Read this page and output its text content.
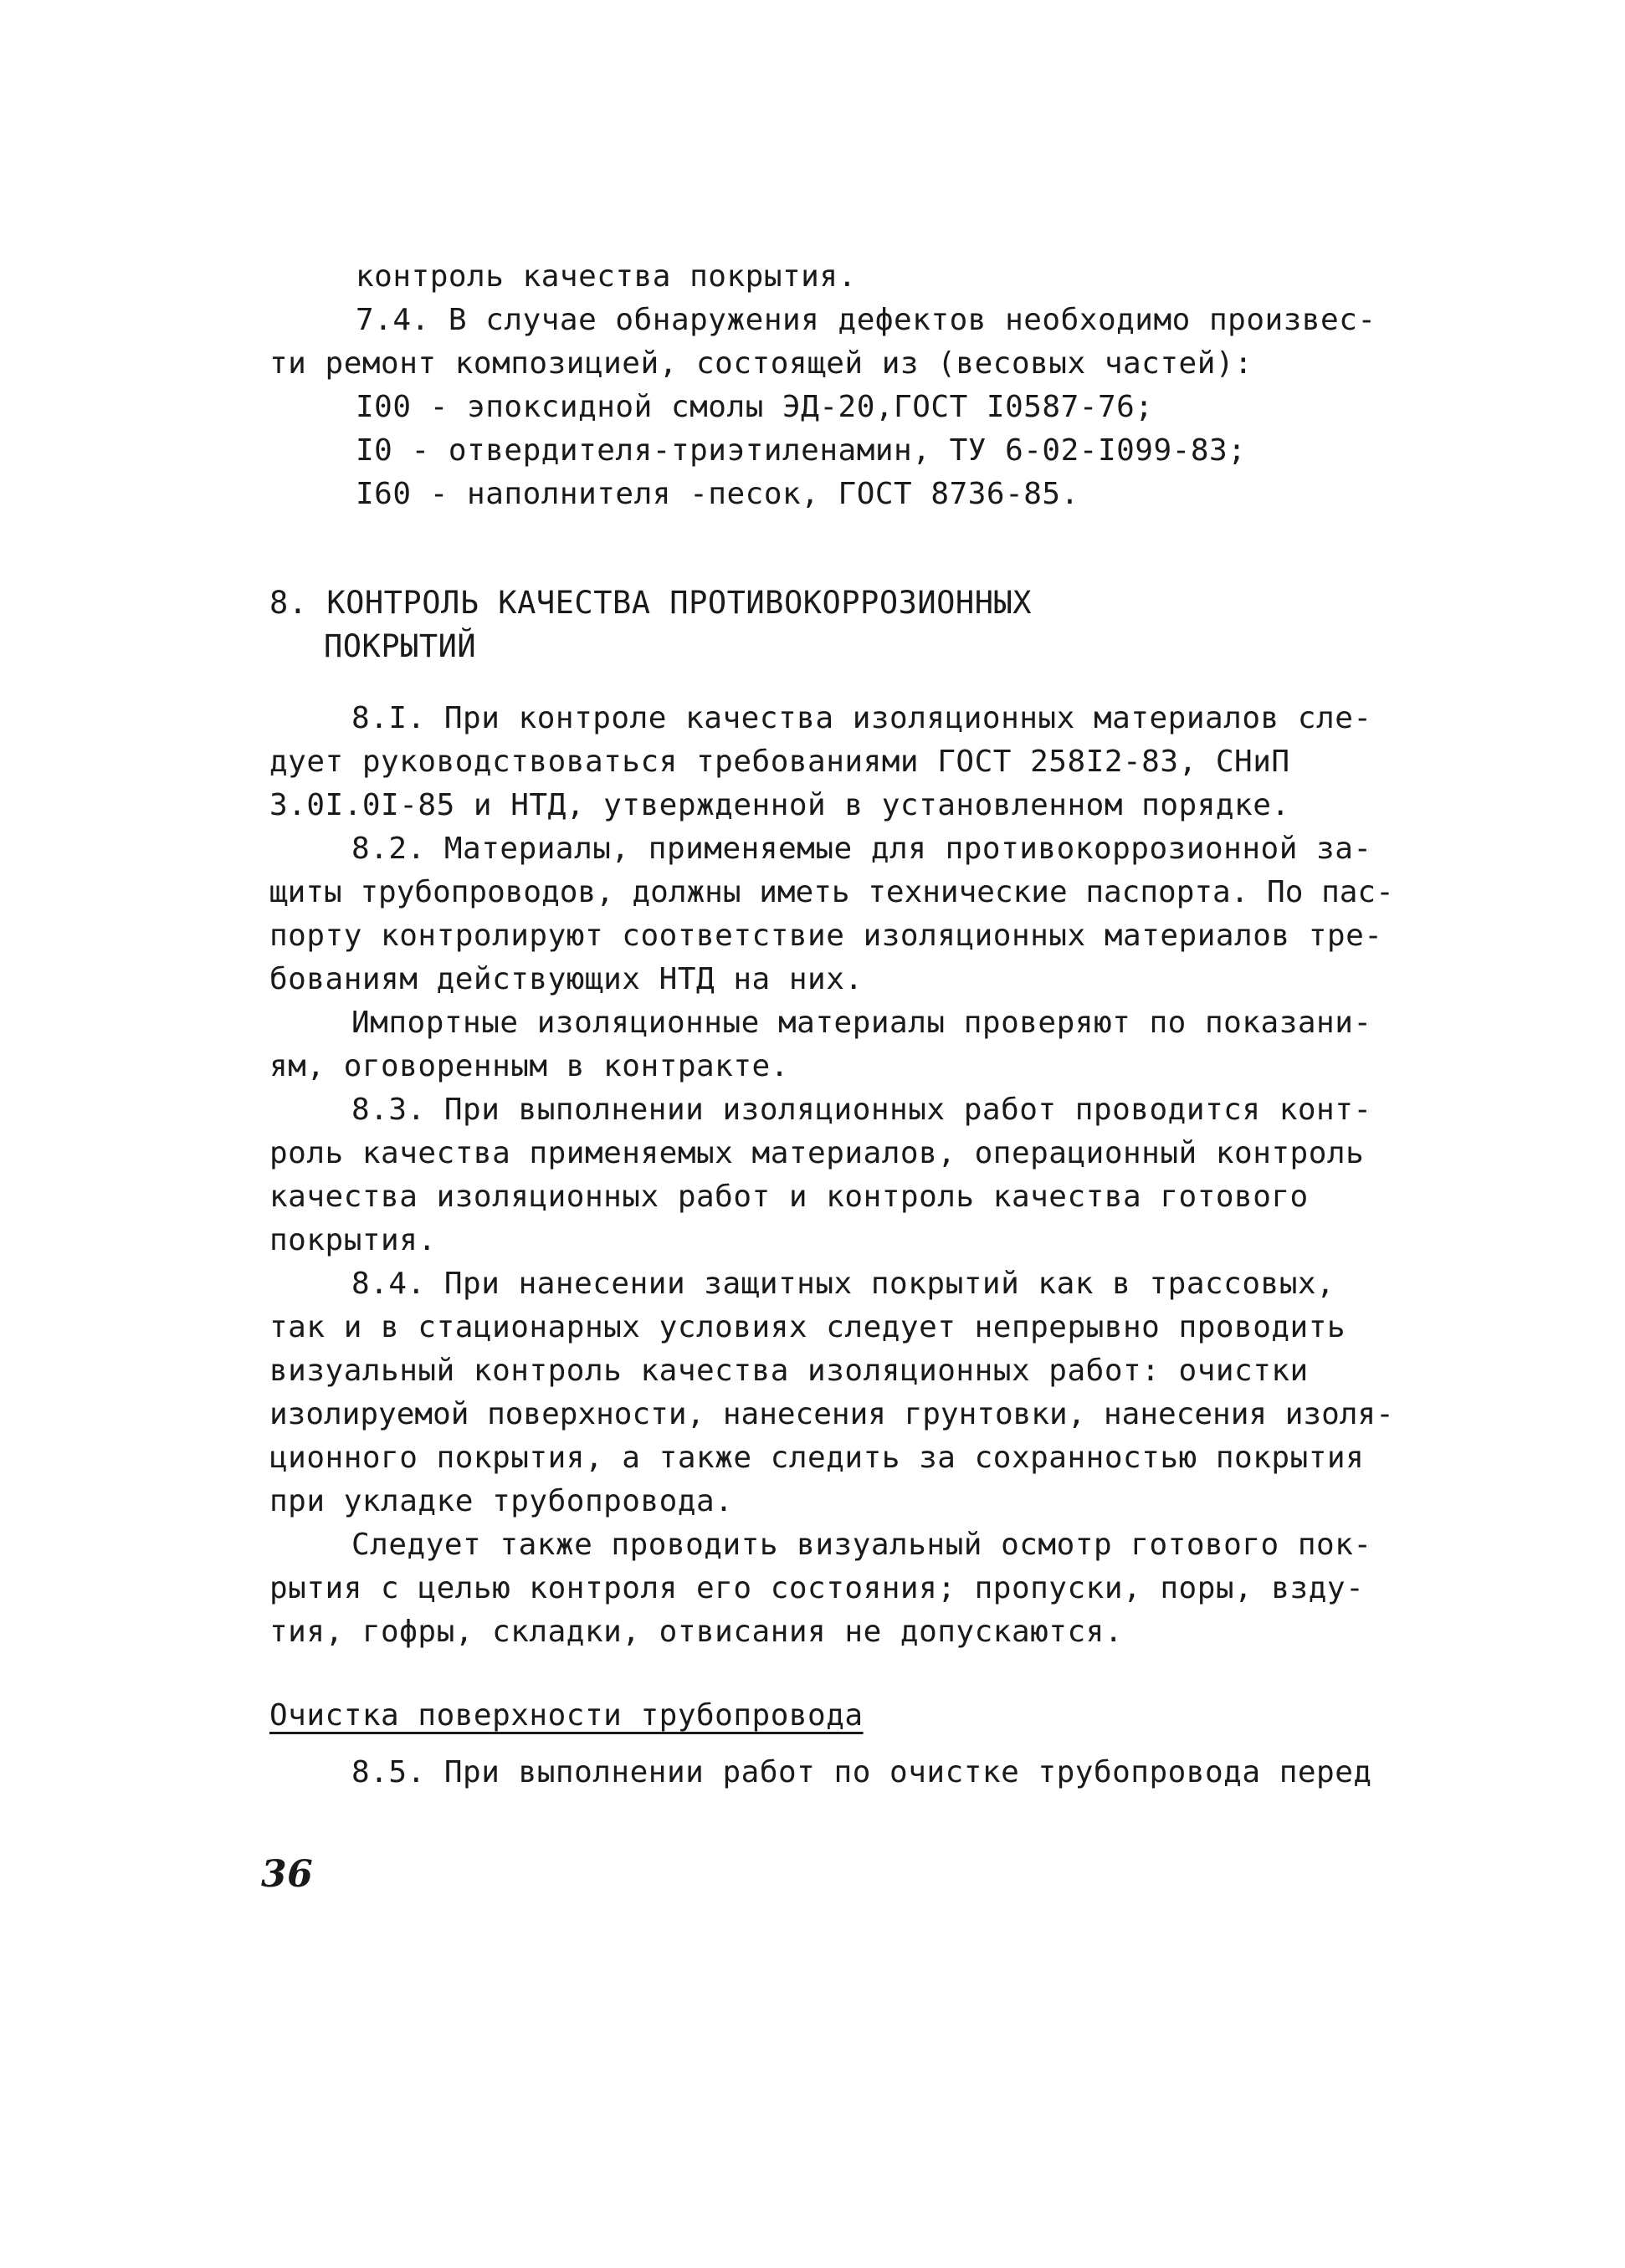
контроль качества покрытия.
7.4. В случае обнаружения дефектов необходимо произвес-
ти ремонт композицией, состоящей из (весовых частей):
I00 - эпоксидной смолы ЭД-20,ГОСТ I0587-76;
I0 - отвердителя-триэтиленамин, ТУ 6-02-I099-83;
I60 - наполнителя -песок, ГОСТ 8736-85.
8. КОНТРОЛЬ КАЧЕСТВА ПРОТИВОКОРРОЗИОННЫХ
ПОКРЫТИЙ
8.I. При контроле качества изоляционных материалов сле-
дует руководствоваться требованиями ГОСТ 258I2-83, СНиП
3.0I.0I-85 и НТД, утвержденной в установленном порядке.
8.2. Материалы, применяемые для противокоррозионной за-
щиты трубопроводов, должны иметь технические паспорта. По пас-
порту контролируют соответствие изоляционных материалов тре-
бованиям действующих НТД на них.
Импортные изоляционные материалы проверяют по показани-
ям, оговоренным в контракте.
8.3. При выполнении изоляционных работ проводится конт-
роль качества применяемых материалов, операционный контроль
качества изоляционных работ и контроль качества готового
покрытия.
8.4. При нанесении защитных покрытий как в трассовых,
так и в стационарных условиях следует непрерывно проводить
визуальный контроль качества изоляционных работ: очистки
изолируемой поверхности, нанесения грунтовки, нанесения изоля-
ционного покрытия, а также следить за сохранностью покрытия
при укладке трубопровода.
Следует также проводить визуальный осмотр готового пок-
рытия с целью контроля его состояния; пропуски, поры, взду-
тия, гофры, складки, отвисания не допускаются.
Очистка поверхности трубопровода
8.5. При выполнении работ по очистке трубопровода перед
36
